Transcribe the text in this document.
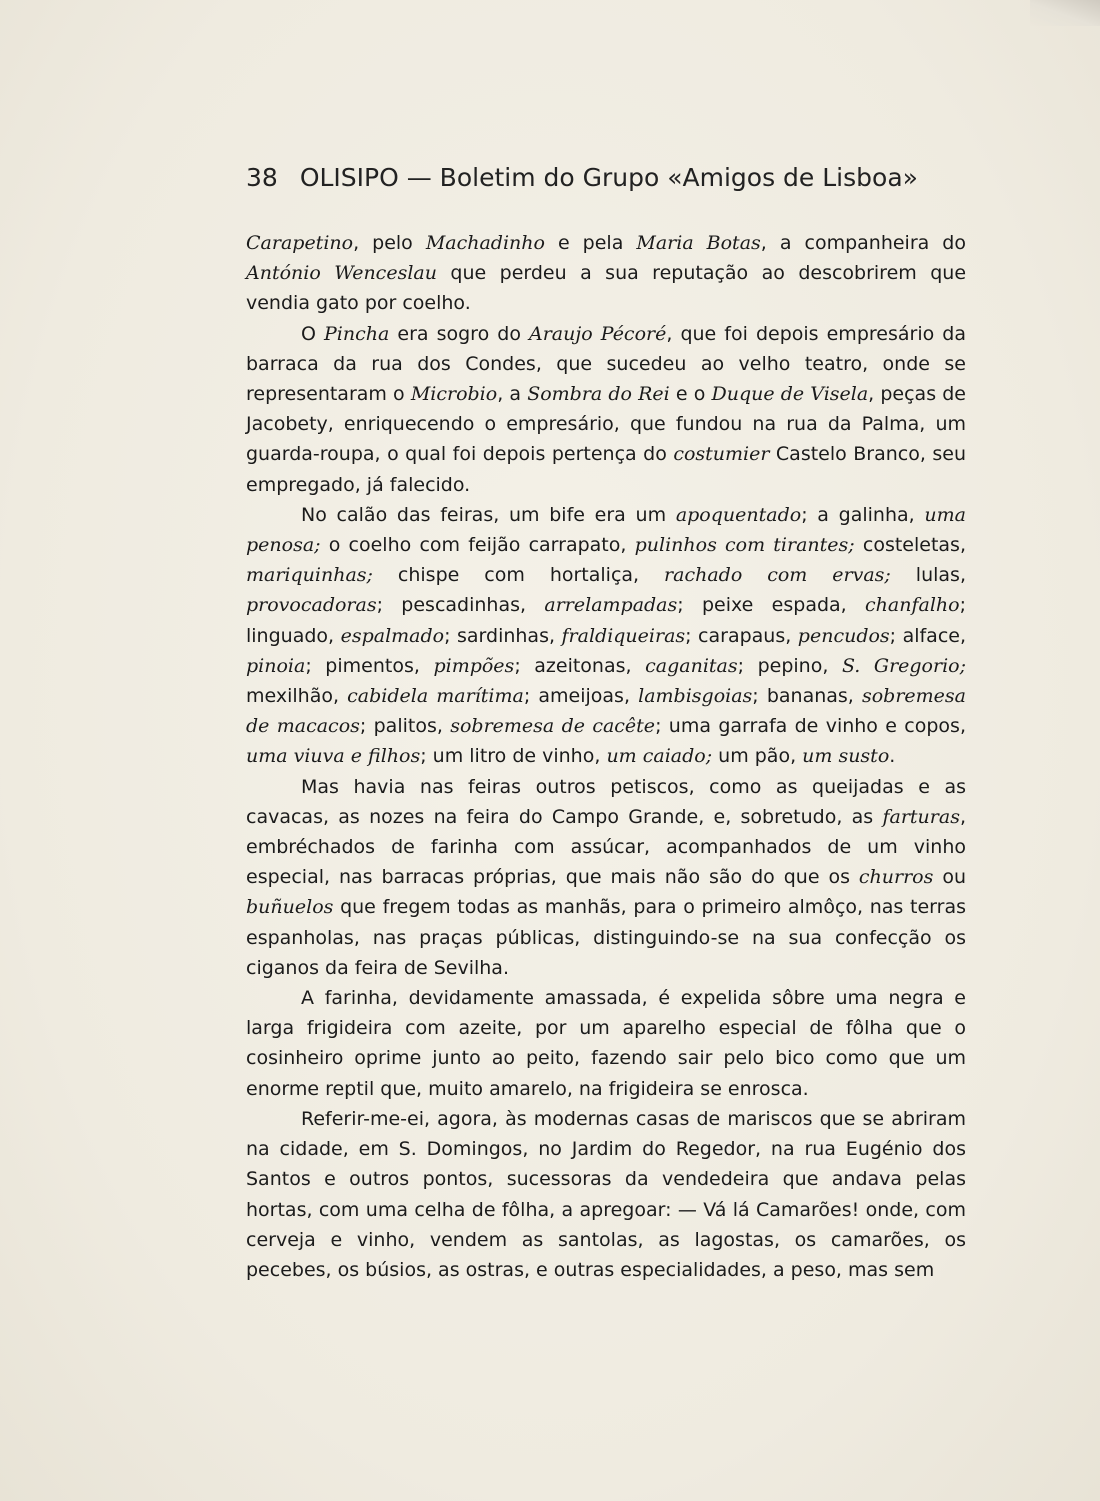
38 OLISIPO — Boletim do Grupo «Amigos de Lisboa»

Carapetino, pelo Machadinho e pela Maria Botas, a companheira do António Wenceslau que perdeu a sua reputação ao descobrirem que vendia gato por coelho.

O Pincha era sogro do Araujo Pécoré, que foi depois empresário da barraca da rua dos Condes, que sucedeu ao velho teatro, onde se representaram o Microbio, a Sombra do Rei e o Duque de Visela, peças de Jacobety, enriquecendo o empresário, que fundou na rua da Palma, um guarda-roupa, o qual foi depois pertença do costumier Castelo Branco, seu empregado, já falecido.

No calão das feiras, um bife era um apoquentado; a galinha, uma penosa; o coelho com feijão carrapato, pulinhos com tirantes; costeletas, mariquinhas; chispe com hortaliça, rachado com ervas; lulas, provocadoras; pescadinhas, arrelampadas; peixe espada, chanfalho; linguado, espalmado; sardinhas, fraldiqueiras; carapaus, pencudos; alface, pinoia; pimentos, pimpões; azeitonas, caganitas; pepino, S. Gregorio; mexilhão, cabidela marítima; ameijoas, lambisgoias; bananas, sobremesa de macacos; palitos, sobremesa de cacête; uma garrafa de vinho e copos, uma viuva e filhos; um litro de vinho, um caiado; um pão, um susto.

Mas havia nas feiras outros petiscos, como as queijadas e as cavacas, as nozes na feira do Campo Grande, e, sobretudo, as farturas, embréchados de farinha com assúcar, acompanhados de um vinho especial, nas barracas próprias, que mais não são do que os churros ou buñuelos que fregem todas as manhãs, para o primeiro almôço, nas terras espanholas, nas praças públicas, distinguindo-se na sua confecção os ciganos da feira de Sevilha.

A farinha, devidamente amassada, é expelida sôbre uma negra e larga frigideira com azeite, por um aparelho especial de fôlha que o cosinheiro oprime junto ao peito, fazendo sair pelo bico como que um enorme reptil que, muito amarelo, na frigideira se enrosca.

Referir-me-ei, agora, às modernas casas de mariscos que se abriram na cidade, em S. Domingos, no Jardim do Regedor, na rua Eugénio dos Santos e outros pontos, sucessoras da vendedeira que andava pelas hortas, com uma celha de fôlha, a apregoar: — Vá lá Camarões! onde, com cerveja e vinho, vendem as santolas, as lagostas, os camarões, os pecebes, os búsios, as ostras, e outras especialidades, a peso, mas sem
